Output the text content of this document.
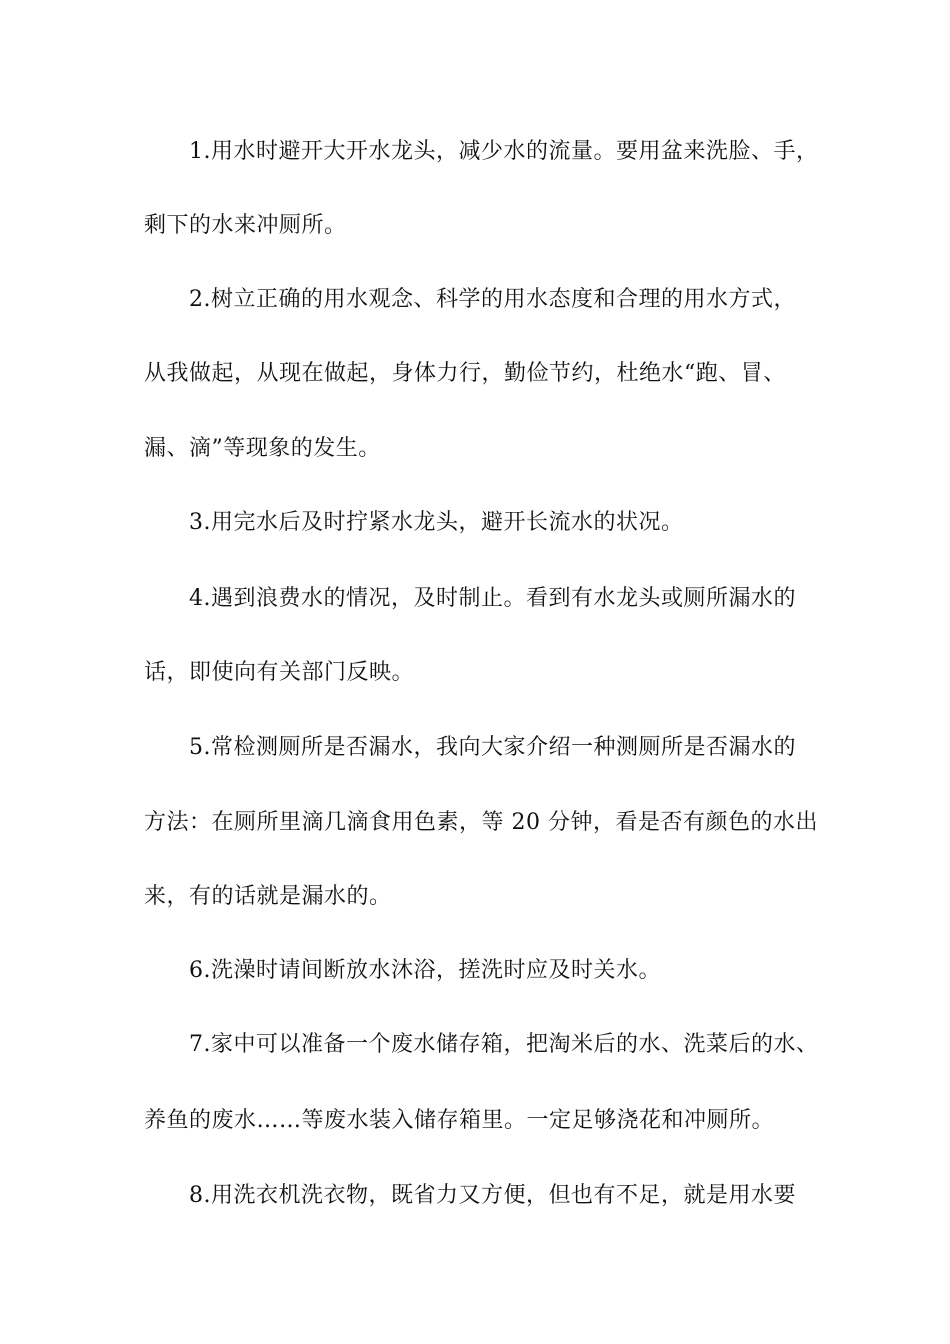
1.用水时避开大开水龙头，减少水的流量。要用盆来洗脸、手，
剩下的水来冲厕所。
2.树立正确的用水观念、科学的用水态度和合理的用水方式，
从我做起，从现在做起，身体力行，勤俭节约，杜绝水“跑、冒、
漏、滴”等现象的发生。
3.用完水后及时拧紧水龙头，避开长流水的状况。
4.遇到浪费水的情况，及时制止。看到有水龙头或厕所漏水的
话，即使向有关部门反映。
5.常检测厕所是否漏水，我向大家介绍一种测厕所是否漏水的
方法：在厕所里滴几滴食用色素，等 20 分钟，看是否有颜色的水出
来，有的话就是漏水的。
6.洗澡时请间断放水沐浴，搓洗时应及时关水。
7.家中可以准备一个废水储存箱，把淘米后的水、洗菜后的水、
养鱼的废水……等废水装入储存箱里。一定足够浇花和冲厕所。
8.用洗衣机洗衣物，既省力又方便，但也有不足，就是用水要
